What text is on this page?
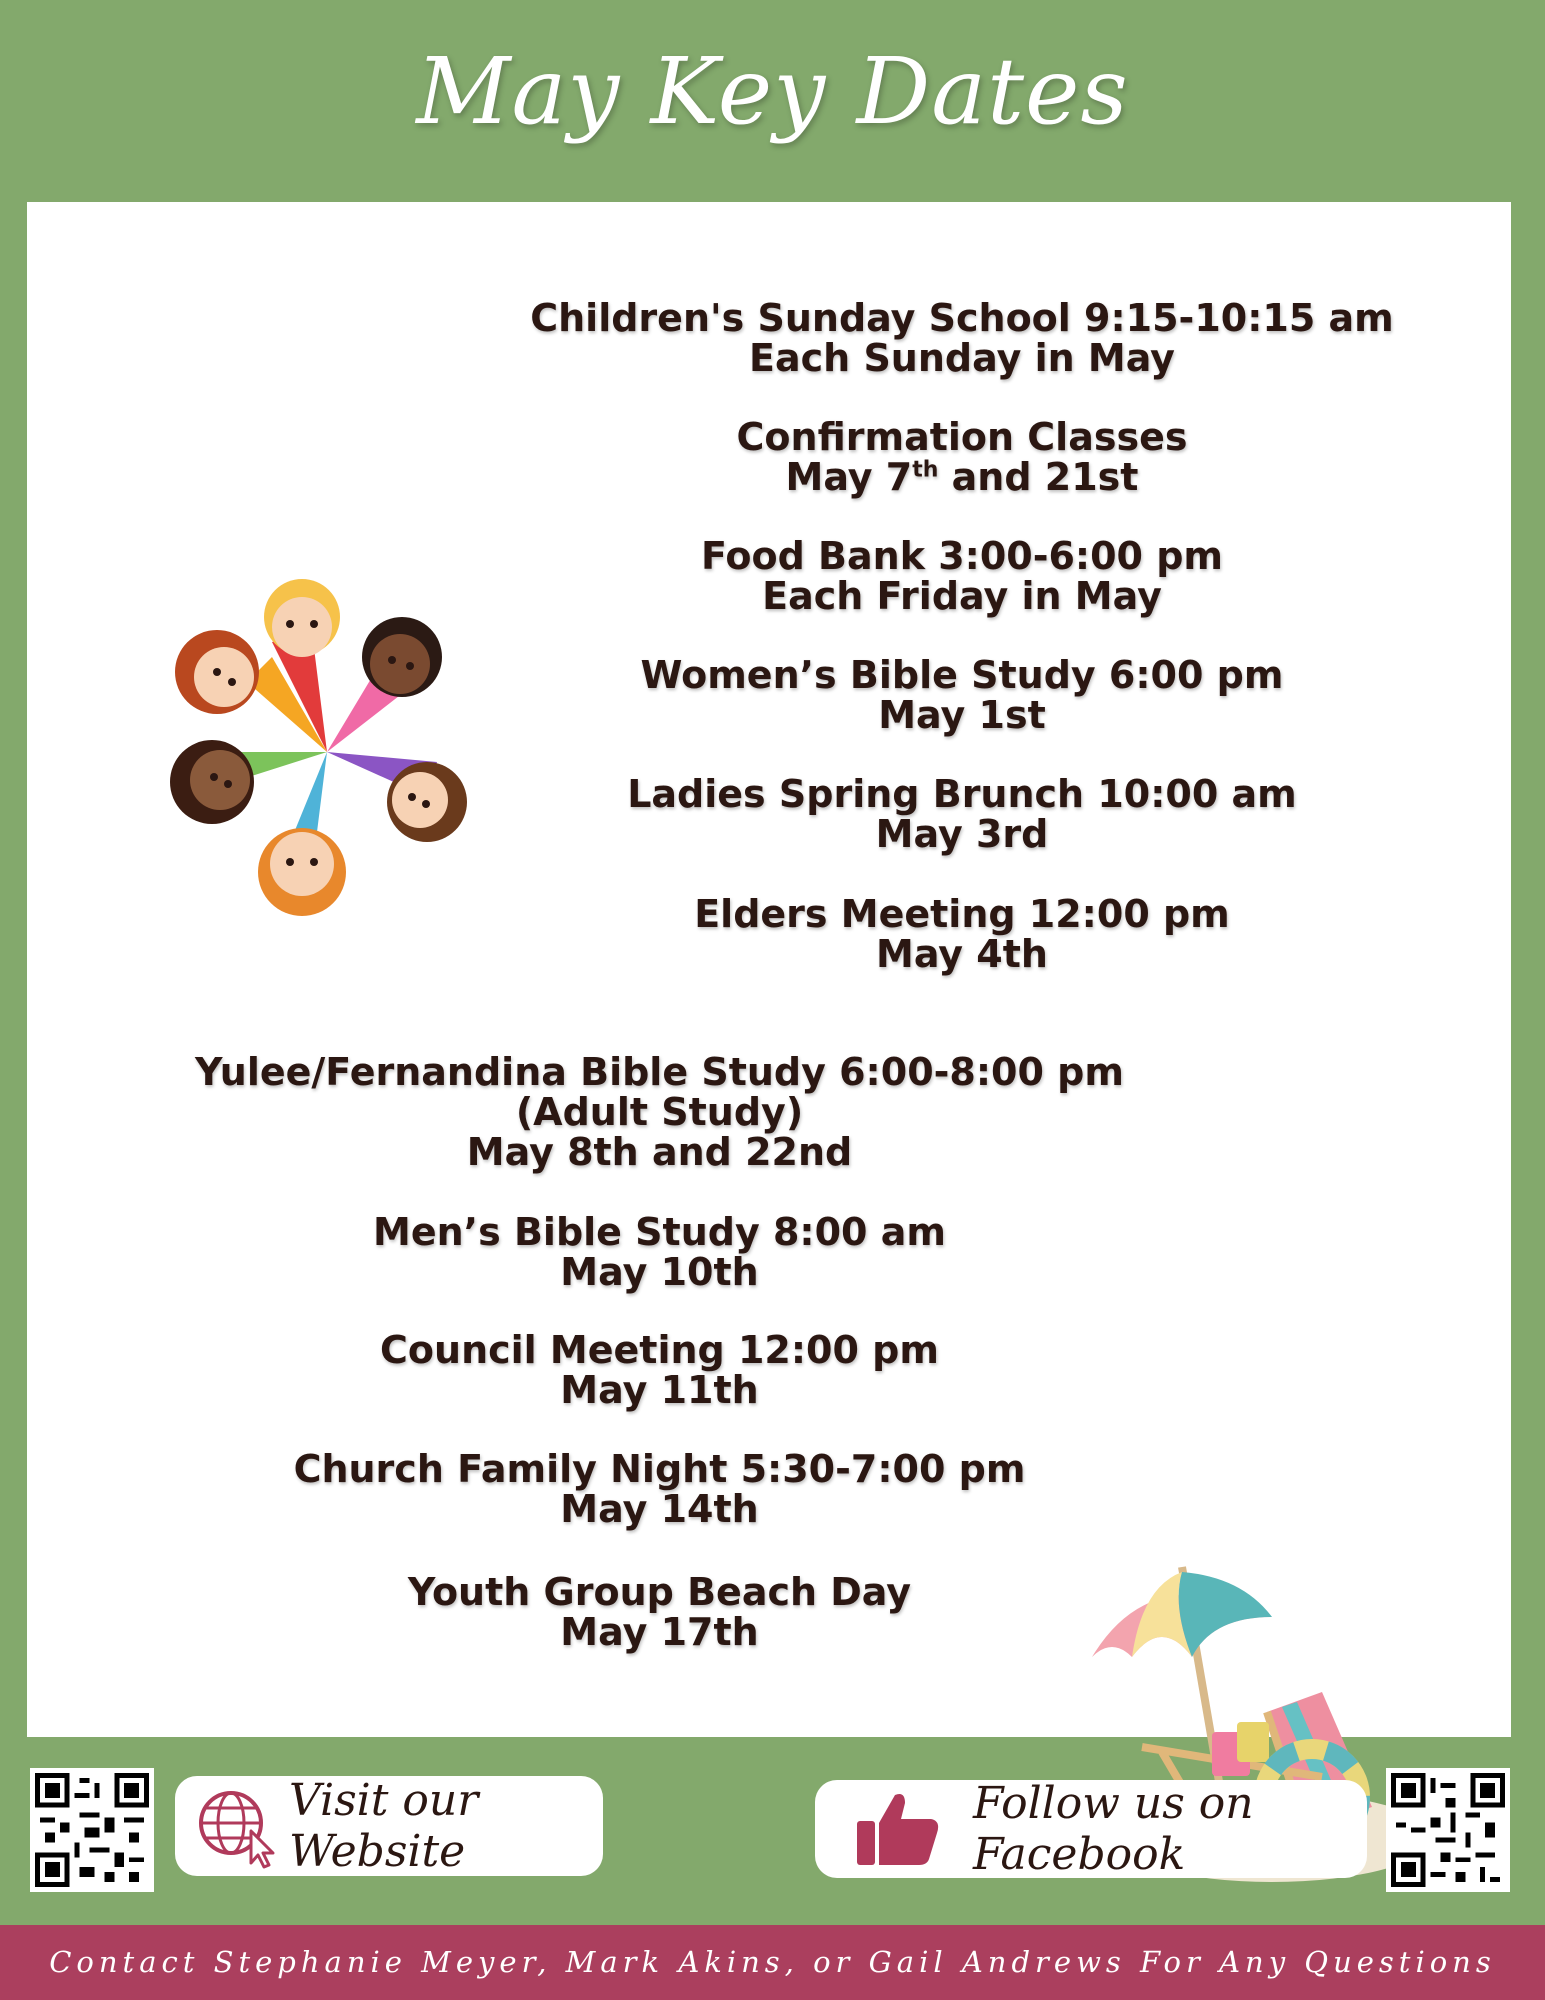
May Key Dates
Children's Sunday School 9:15-10:15 am
Each Sunday in May
Confirmation Classes
May 7th and 21st
Food Bank 3:00-6:00 pm
Each Friday in May
Women’s Bible Study 6:00 pm
May 1st
Ladies Spring Brunch 10:00 am
May 3rd
Elders Meeting 12:00 pm
May 4th
Yulee/Fernandina Bible Study 6:00-8:00 pm
(Adult Study)
May 8th and 22nd
Men’s Bible Study 8:00 am
May 10th
Council Meeting 12:00 pm
May 11th
Church Family Night 5:30-7:00 pm
May 14th
Youth Group Beach Day
May 17th
Visit our Website
Follow us on Facebook
Contact Stephanie Meyer, Mark Akins, or Gail Andrews For Any Questions
